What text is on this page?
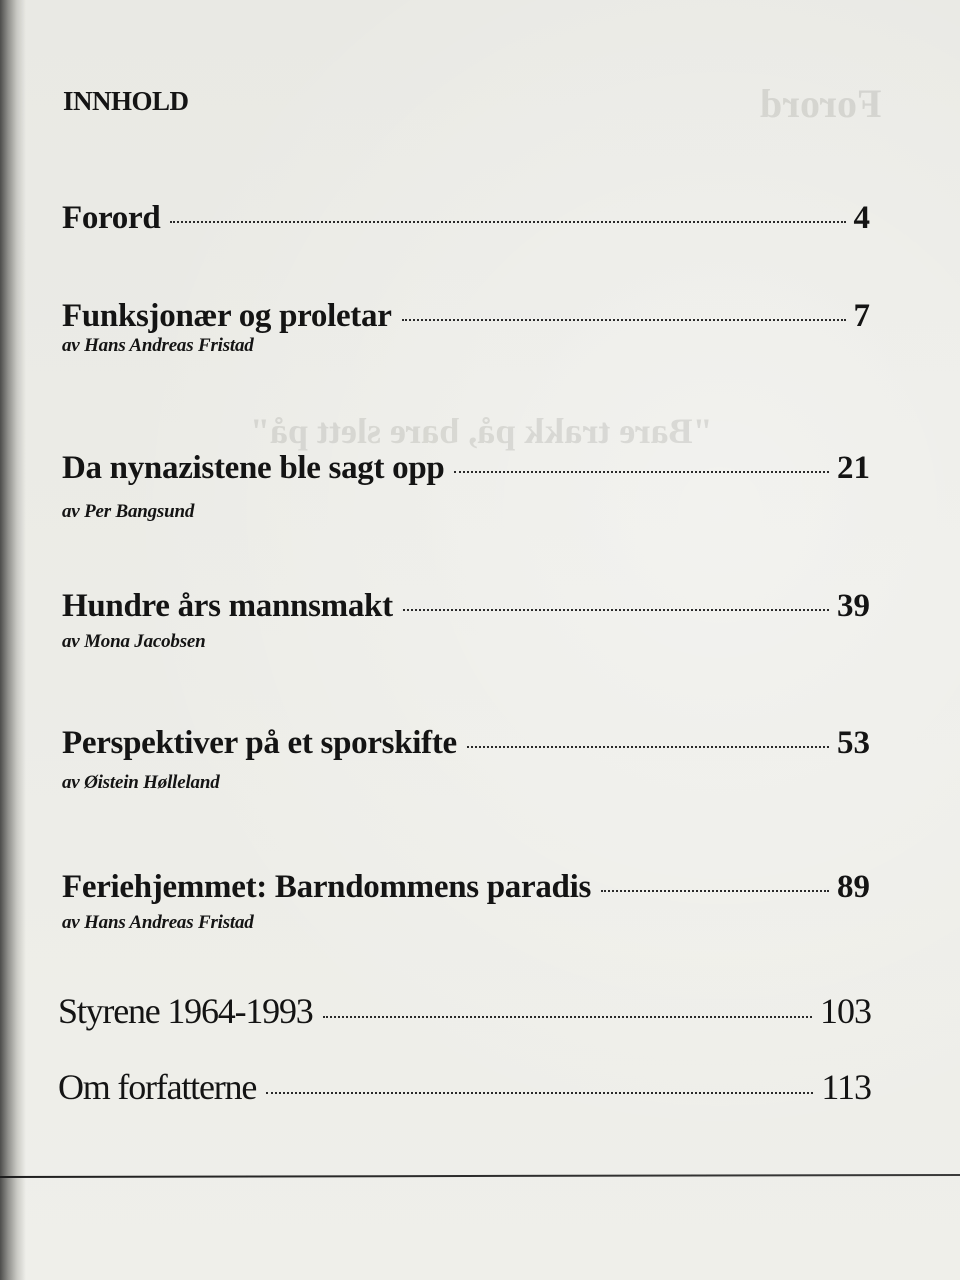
Forord
"Bare trakk på, bare slett på"

INNHOLD
Forord	4
Funksjonær og proletar	7
av Hans Andreas Fristad
Da nynazistene ble sagt opp	21
av Per Bangsund
Hundre års mannsmakt	39
av Mona Jacobsen
Perspektiver på et sporskifte	53
av Øistein Hølleland
Feriehjemmet: Barndommens paradis	89
av Hans Andreas Fristad
Styrene 1964-1993	103
Om forfatterne	113
